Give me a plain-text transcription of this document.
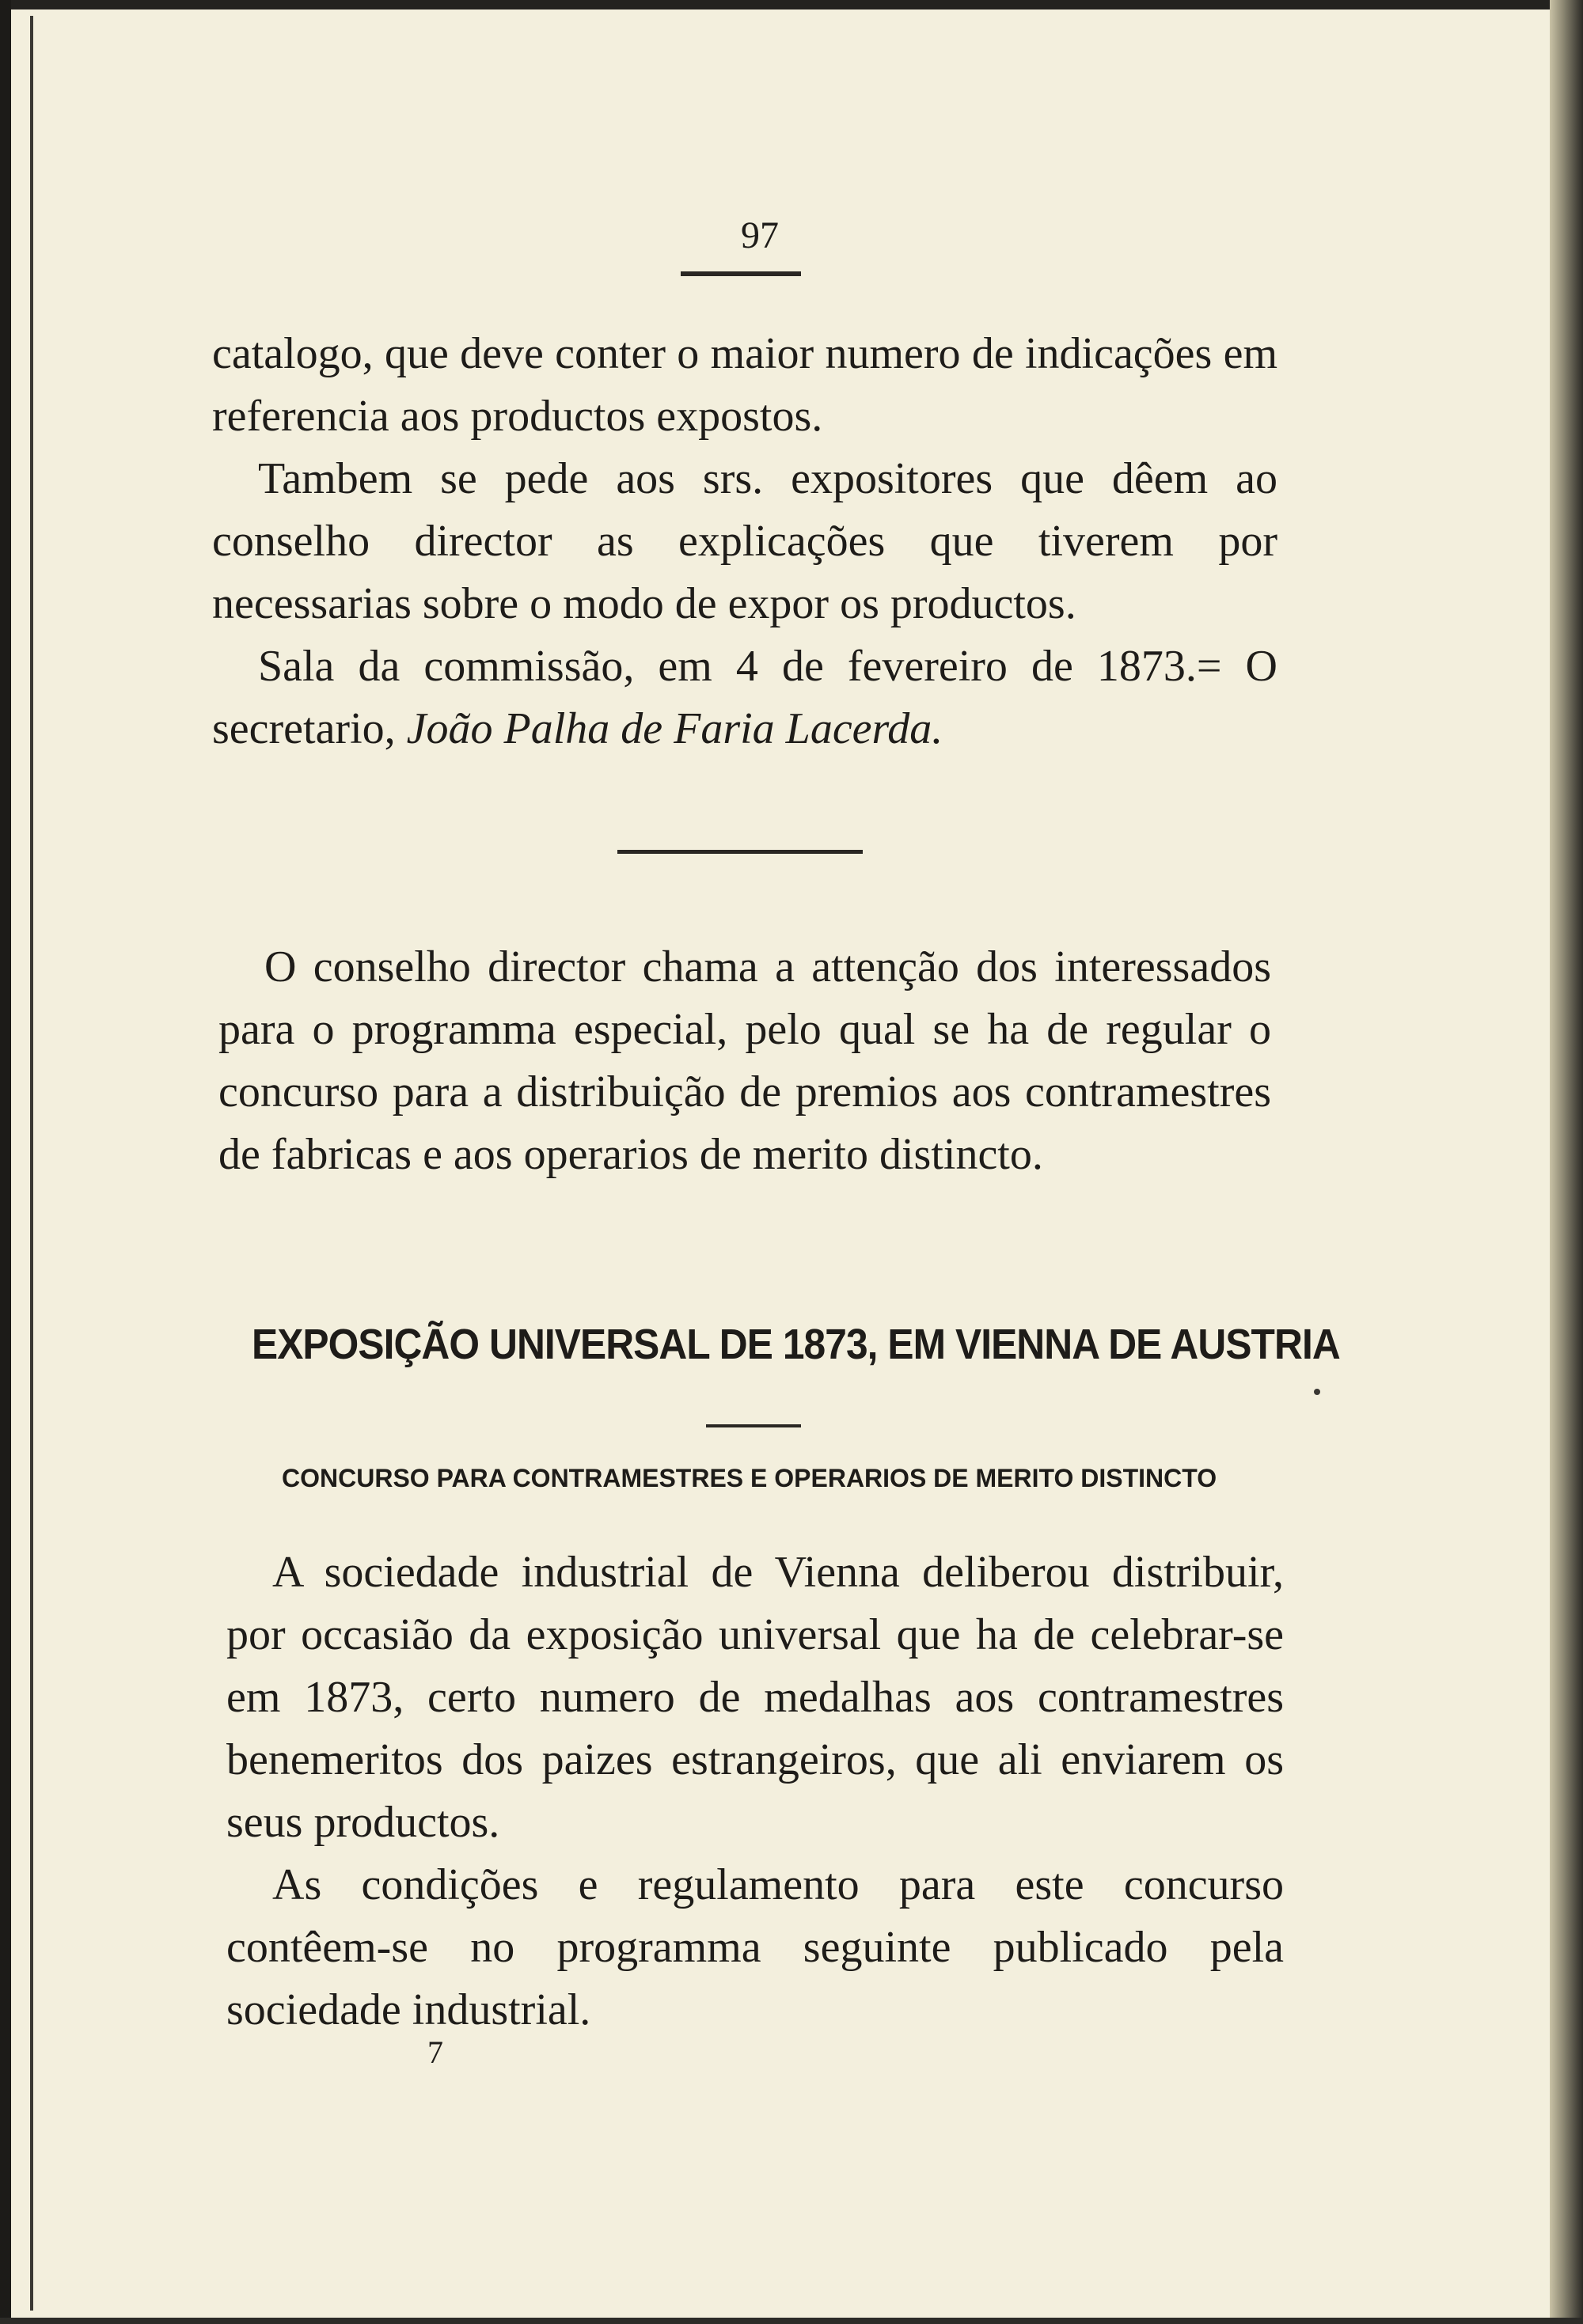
97

catalogo, que deve conter o maior numero de indicações em referencia aos productos expostos.

Tambem se pede aos srs. expositores que dêem ao conselho director as explicações que tiverem por necessarias sobre o modo de expor os productos.

Sala da commissão, em 4 de fevereiro de 1873.= O secretario, João Palha de Faria Lacerda.

O conselho director chama a attenção dos interessados para o programma especial, pelo qual se ha de regular o concurso para a distribuição de premios aos contramestres de fabricas e aos operarios de merito distincto.

EXPOSIÇÃO UNIVERSAL DE 1873, EM VIENNA DE AUSTRIA
CONCURSO PARA CONTRAMESTRES E OPERARIOS DE MERITO DISTINCTO

A sociedade industrial de Vienna deliberou distribuir, por occasião da exposição universal que ha de celebrar-se em 1873, certo numero de medalhas aos contramestres benemeritos dos paizes estrangeiros, que ali enviarem os seus productos.

As condições e regulamento para este concurso contêem-se no programma seguinte publicado pela sociedade industrial.

7
